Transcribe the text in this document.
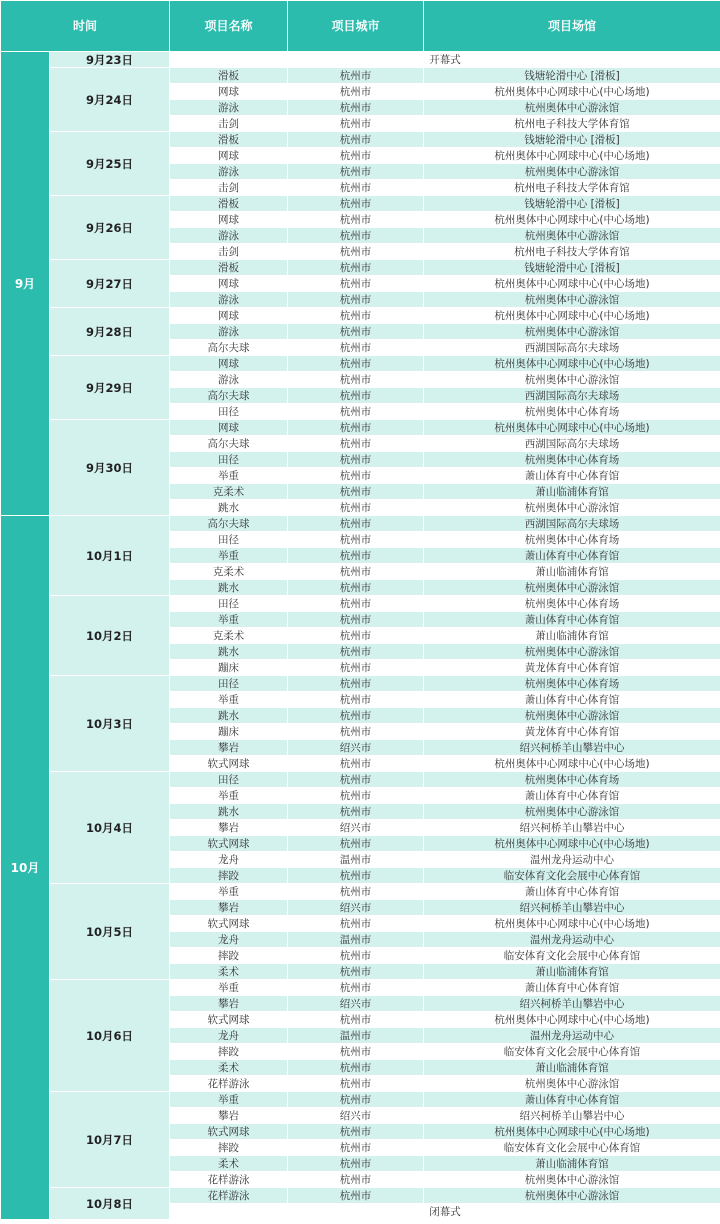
时间		项目名称	项目城市	项目场馆
9月	9月23日	开幕式		
	9月24日	滑板	杭州市	钱塘轮滑中心 [滑板]
		网球	杭州市	杭州奥体中心网球中心(中心场地)
		游泳	杭州市	杭州奥体中心游泳馆
		击剑	杭州市	杭州电子科技大学体育馆
	9月25日	滑板	杭州市	钱塘轮滑中心 [滑板]
		网球	杭州市	杭州奥体中心网球中心(中心场地)
		游泳	杭州市	杭州奥体中心游泳馆
		击剑	杭州市	杭州电子科技大学体育馆
	9月26日	滑板	杭州市	钱塘轮滑中心 [滑板]
		网球	杭州市	杭州奥体中心网球中心(中心场地)
		游泳	杭州市	杭州奥体中心游泳馆
		击剑	杭州市	杭州电子科技大学体育馆
	9月27日	滑板	杭州市	钱塘轮滑中心 [滑板]
		网球	杭州市	杭州奥体中心网球中心(中心场地)
		游泳	杭州市	杭州奥体中心游泳馆
	9月28日	网球	杭州市	杭州奥体中心网球中心(中心场地)
		游泳	杭州市	杭州奥体中心游泳馆
		高尔夫球	杭州市	西湖国际高尔夫球场
	9月29日	网球	杭州市	杭州奥体中心网球中心(中心场地)
		游泳	杭州市	杭州奥体中心游泳馆
		高尔夫球	杭州市	西湖国际高尔夫球场
		田径	杭州市	杭州奥体中心体育场
	9月30日	网球	杭州市	杭州奥体中心网球中心(中心场地)
		高尔夫球	杭州市	西湖国际高尔夫球场
		田径	杭州市	杭州奥体中心体育场
		举重	杭州市	萧山体育中心体育馆
		克柔术	杭州市	萧山临浦体育馆
		跳水	杭州市	杭州奥体中心游泳馆
10月	10月1日	高尔夫球	杭州市	西湖国际高尔夫球场
		田径	杭州市	杭州奥体中心体育场
		举重	杭州市	萧山体育中心体育馆
		克柔术	杭州市	萧山临浦体育馆
		跳水	杭州市	杭州奥体中心游泳馆
	10月2日	田径	杭州市	杭州奥体中心体育场
		举重	杭州市	萧山体育中心体育馆
		克柔术	杭州市	萧山临浦体育馆
		跳水	杭州市	杭州奥体中心游泳馆
		蹦床	杭州市	黄龙体育中心体育馆
	10月3日	田径	杭州市	杭州奥体中心体育场
		举重	杭州市	萧山体育中心体育馆
		跳水	杭州市	杭州奥体中心游泳馆
		蹦床	杭州市	黄龙体育中心体育馆
		攀岩	绍兴市	绍兴柯桥羊山攀岩中心
		软式网球	杭州市	杭州奥体中心网球中心(中心场地)
	10月4日	田径	杭州市	杭州奥体中心体育场
		举重	杭州市	萧山体育中心体育馆
		跳水	杭州市	杭州奥体中心游泳馆
		攀岩	绍兴市	绍兴柯桥羊山攀岩中心
		软式网球	杭州市	杭州奥体中心网球中心(中心场地)
		龙舟	温州市	温州龙舟运动中心
		摔跤	杭州市	临安体育文化会展中心体育馆
	10月5日	举重	杭州市	萧山体育中心体育馆
		攀岩	绍兴市	绍兴柯桥羊山攀岩中心
		软式网球	杭州市	杭州奥体中心网球中心(中心场地)
		龙舟	温州市	温州龙舟运动中心
		摔跤	杭州市	临安体育文化会展中心体育馆
		柔术	杭州市	萧山临浦体育馆
	10月6日	举重	杭州市	萧山体育中心体育馆
		攀岩	绍兴市	绍兴柯桥羊山攀岩中心
		软式网球	杭州市	杭州奥体中心网球中心(中心场地)
		龙舟	温州市	温州龙舟运动中心
		摔跤	杭州市	临安体育文化会展中心体育馆
		柔术	杭州市	萧山临浦体育馆
		花样游泳	杭州市	杭州奥体中心游泳馆
	10月7日	举重	杭州市	萧山体育中心体育馆
		攀岩	绍兴市	绍兴柯桥羊山攀岩中心
		软式网球	杭州市	杭州奥体中心网球中心(中心场地)
		摔跤	杭州市	临安体育文化会展中心体育馆
		柔术	杭州市	萧山临浦体育馆
		花样游泳	杭州市	杭州奥体中心游泳馆
	10月8日	花样游泳	杭州市	杭州奥体中心游泳馆
		闭幕式		
